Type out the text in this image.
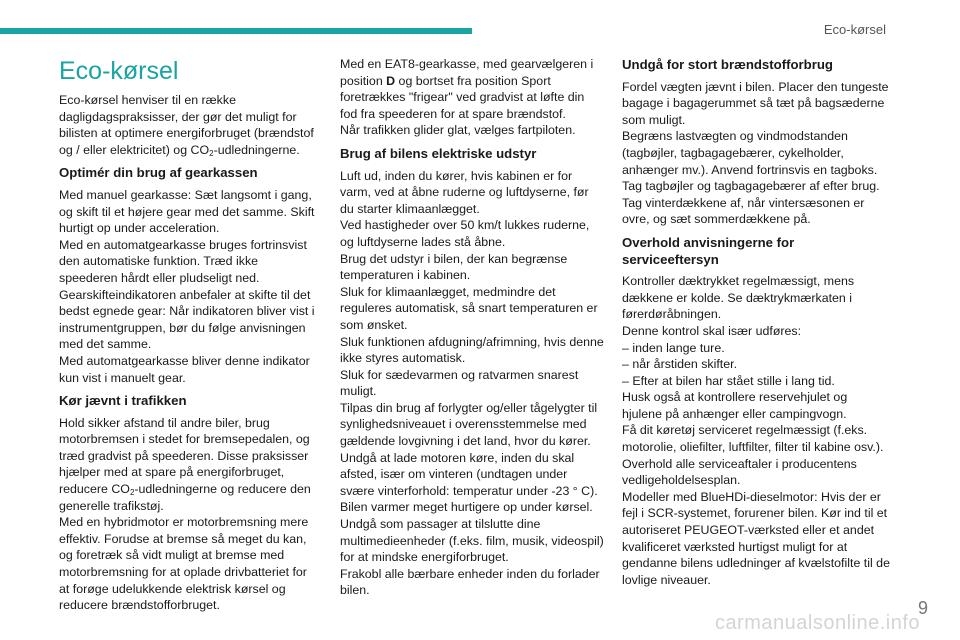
Eco-kørsel
Eco-kørsel

Eco-kørsel henviser til en række dagligdagspraksisser, der gør det muligt for bilisten at optimere energiforbruget (brændstof og / eller elektricitet) og $CO_2$-udledningerne.

Optimér din brug af gearkassen

Med manuel gearkasse: Sæt langsomt i gang, og skift til et højere gear med det samme. Skift hurtigt op under acceleration.

Med en automatgearkasse bruges fortrinsvist den automatiske funktion. Træd ikke speederen hårdt eller pludseligt ned.

Gearskifteindikatoren anbefaler at skifte til det bedst egnede gear: Når indikatoren bliver vist i instrumentgruppen, bør du følge anvisningen med det samme.

Med automatgearkasse bliver denne indikator kun vist i manuelt gear.

Kør jævnt i trafikken

Hold sikker afstand til andre biler, brug motorbremsen i stedet for bremsepedalen, og træd gradvist på speederen. Disse praksisser hjælper med at spare på energiforbruget, reducere $CO_2$-udledningerne og reducere den generelle trafikstøj.

Med en hybridmotor er motorbremsning mere effektiv. Forudse at bremse så meget du kan, og foretræk så vidt muligt at bremse med motorbremsning for at oplade drivbatteriet for at forøge udelukkende elektrisk kørsel og reducere brændstofforbruget.

Med en EAT8-gearkasse, med gearvælgeren i position D og bortset fra position Sport foretrækkes "frigear" ved gradvist at løfte din fod fra speederen for at spare brændstof.

Når trafikken glider glat, vælges fartpiloten.

Brug af bilens elektriske udstyr

Luft ud, inden du kører, hvis kabinen er for varm, ved at åbne ruderne og luftdyserne, før du starter klimaanlægget.

Ved hastigheder over 50 km/t lukkes ruderne, og luftdyserne lades stå åbne.

Brug det udstyr i bilen, der kan begrænse temperaturen i kabinen.

Sluk for klimaanlægget, medmindre det reguleres automatisk, så snart temperaturen er som ønsket.

Sluk funktionen afdugning/afrimning, hvis denne ikke styres automatisk.

Sluk for sædevarmen og ratvarmen snarest muligt.

Tilpas din brug af forlygter og/eller tågelygter til synlighedsniveauet i overensstemmelse med gældende lovgivning i det land, hvor du kører.

Undgå at lade motoren køre, inden du skal afsted, især om vinteren (undtagen under svære vinterforhold: temperatur under -23 ° C). Bilen varmer meget hurtigere op under kørsel.

Undgå som passager at tilslutte dine multimedieenheder (f.eks. film, musik, videospil) for at mindske energiforbruget.

Frakobl alle bærbare enheder inden du forlader bilen.

Undgå for stort brændstofforbrug

Fordel vægten jævnt i bilen. Placer den tungeste bagage i bagagerummet så tæt på bagsæderne som muligt.

Begræns lastvægten og vindmodstanden (tagbøjler, tagbagagebærer, cykelholder, anhænger mv.). Anvend fortrinsvis en tagboks.

Tag tagbøjler og tagbagagebærer af efter brug.

Tag vinterdækkene af, når vintersæsonen er ovre, og sæt sommerdækkene på.

Overhold anvisningerne for serviceeftersyn

Kontroller dæktrykket regelmæssigt, mens dækkene er kolde. Se dæktrykmærkaten i førerdøråbningen.

Denne kontrol skal især udføres:

– inden lange ture.

– når årstiden skifter.

– Efter at bilen har stået stille i lang tid.

Husk også at kontrollere reservehjulet og hjulene på anhænger eller campingvogn.

Få dit køretøj serviceret regelmæssigt (f.eks. motorolie, oliefilter, luftfilter, filter til kabine osv.).

Overhold alle serviceaftaler i producentens vedligeholdelsesplan.

Modeller med BlueHDi-dieselmotor: Hvis der er fejl i SCR-systemet, forurener bilen. Kør ind til et autoriseret PEUGEOT-værksted eller et andet kvalificeret værksted hurtigst muligt for at gendanne bilens udledninger af kvælstofilte til de lovlige niveauer.

9
carmanualsonline.info
